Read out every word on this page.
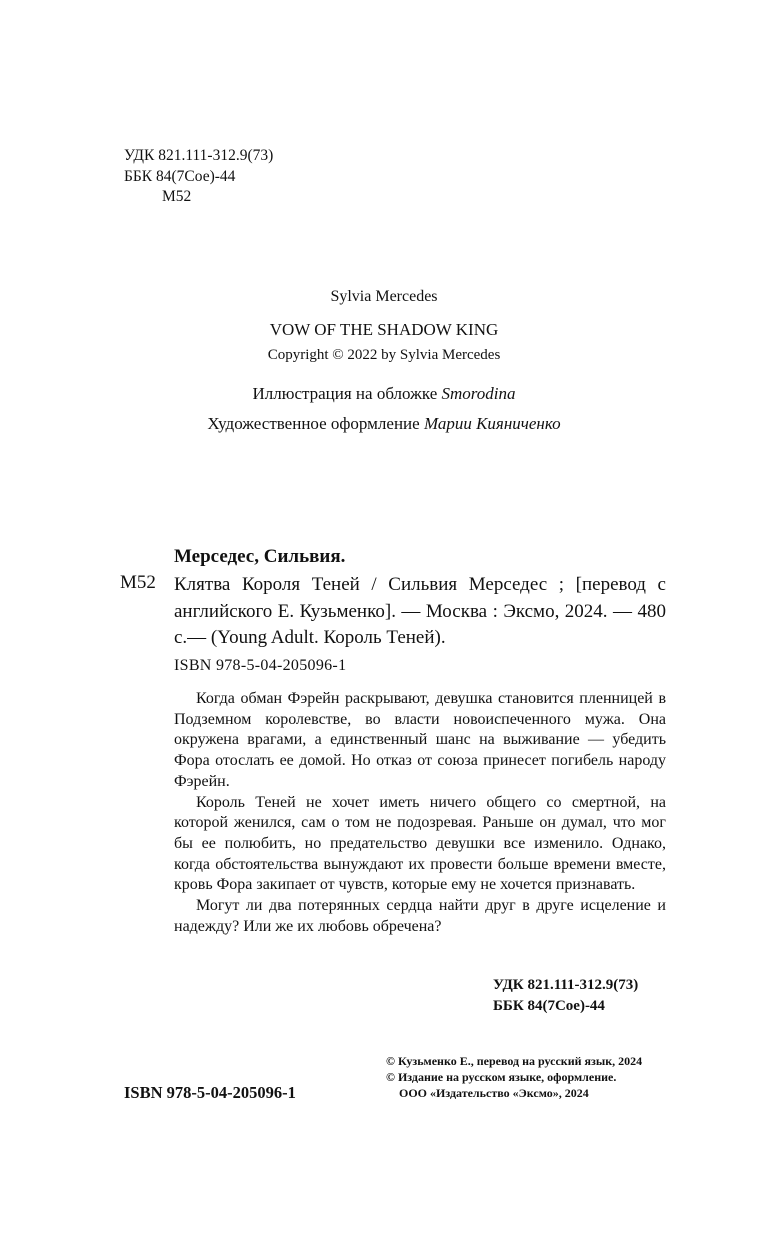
УДК 821.111-312.9(73)
ББК 84(7Сое)-44
М52
Sylvia Mercedes
VOW OF THE SHADOW KING
Copyright © 2022 by Sylvia Mercedes
Иллюстрация на обложке Smorodina
Художественное оформление Марии Кияниченко
Мерседес, Сильвия.
М52 Клятва Короля Теней / Сильвия Мерседес ; [перевод с английского Е. Кузьменко]. — Москва : Эксмо, 2024. — 480 с.— (Young Adult. Король Теней).
ISBN 978-5-04-205096-1

Когда обман Фэрейн раскрывают, девушка становится пленницей в Подземном королевстве, во власти новоиспеченного мужа. Она окружена врагами, а единственный шанс на выживание — убедить Фора отослать ее домой. Но отказ от союза принесет погибель народу Фэрейн.

Король Теней не хочет иметь ничего общего со смертной, на которой женился, сам о том не подозревая. Раньше он думал, что мог бы ее полюбить, но предательство девушки все изменило. Однако, когда обстоятельства вынуждают их провести больше времени вместе, кровь Фора закипает от чувств, которые ему не хочется признавать.

Могут ли два потерянных сердца найти друг в друге исцеление и надежду? Или же их любовь обречена?

УДК 821.111-312.9(73)
ББК 84(7Сое)-44
© Кузьменко Е., перевод на русский язык, 2024
© Издание на русском языке, оформление.
ООО «Издательство «Эксмо», 2024
ISBN 978-5-04-205096-1
